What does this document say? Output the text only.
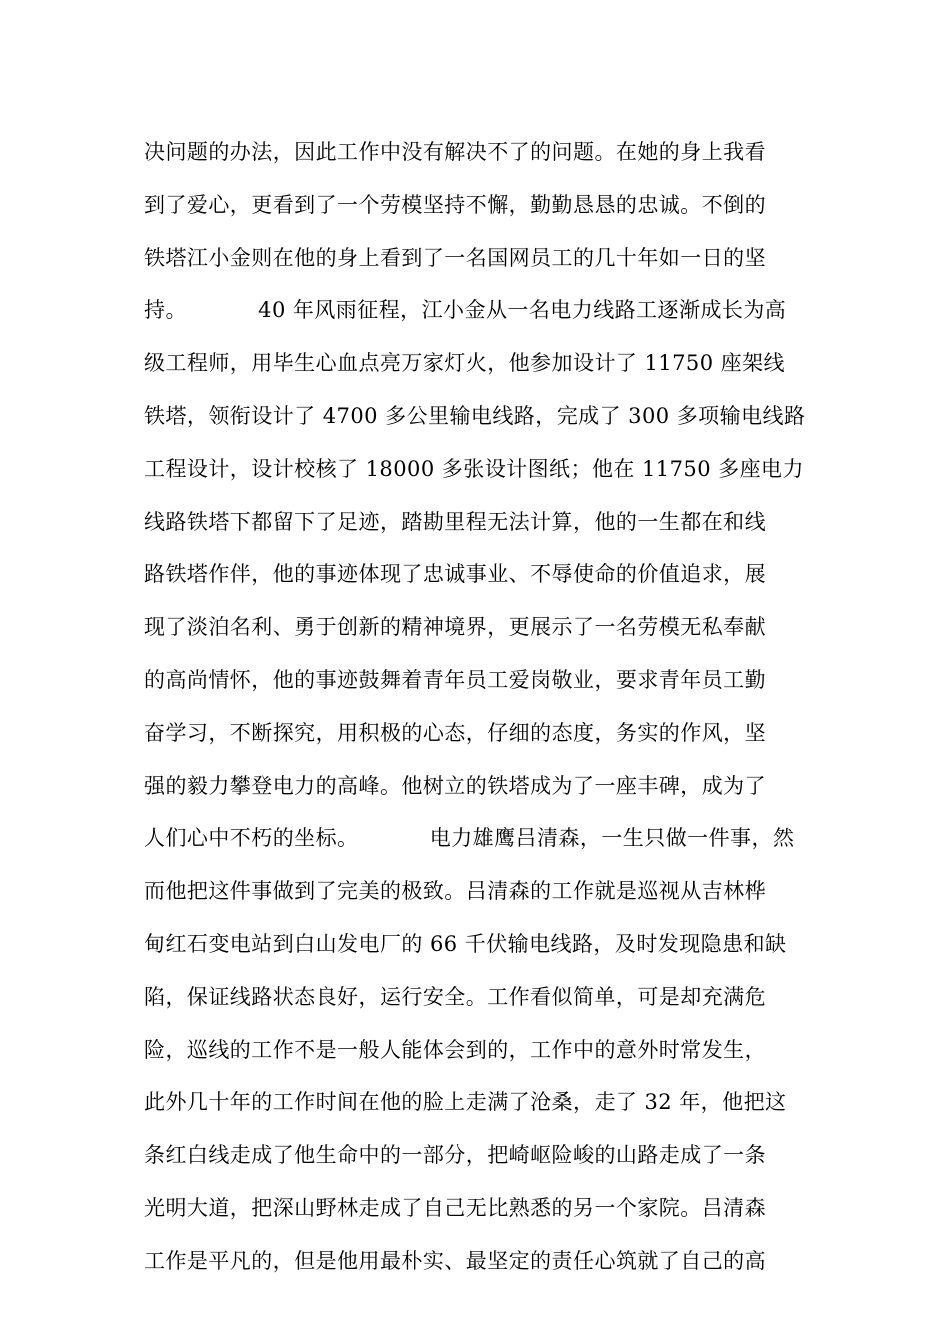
决问题的办法，因此工作中没有解决不了的问题。在她的身上我看
到了爱心，更看到了一个劳模坚持不懈，勤勤恳恳的忠诚。不倒的
铁塔江小金则在他的身上看到了一名国网员工的几十年如一日的坚
持。          40 年风雨征程，江小金从一名电力线路工逐渐成长为高
级工程师，用毕生心血点亮万家灯火，他参加设计了 11750 座架线
铁塔，领衔设计了 4700 多公里输电线路，完成了 300 多项输电线路
工程设计，设计校核了 18000 多张设计图纸；他在 11750 多座电力
线路铁塔下都留下了足迹，踏勘里程无法计算，他的一生都在和线
路铁塔作伴，他的事迹体现了忠诚事业、不辱使命的价值追求，展
现了淡泊名利、勇于创新的精神境界，更展示了一名劳模无私奉献
的高尚情怀，他的事迹鼓舞着青年员工爱岗敬业，要求青年员工勤
奋学习，不断探究，用积极的心态，仔细的态度，务实的作风，坚
强的毅力攀登电力的高峰。他树立的铁塔成为了一座丰碑，成为了
人们心中不朽的坐标。          电力雄鹰吕清森，一生只做一件事，然
而他把这件事做到了完美的极致。吕清森的工作就是巡视从吉林桦
甸红石变电站到白山发电厂的 66 千伏输电线路，及时发现隐患和缺
陷，保证线路状态良好，运行安全。工作看似简单，可是却充满危
险，巡线的工作不是一般人能体会到的，工作中的意外时常发生，
此外几十年的工作时间在他的脸上走满了沧桑，走了 32 年，他把这
条红白线走成了他生命中的一部分，把崎岖险峻的山路走成了一条
光明大道，把深山野林走成了自己无比熟悉的另一个家院。吕清森
工作是平凡的，但是他用最朴实、最坚定的责任心筑就了自己的高
